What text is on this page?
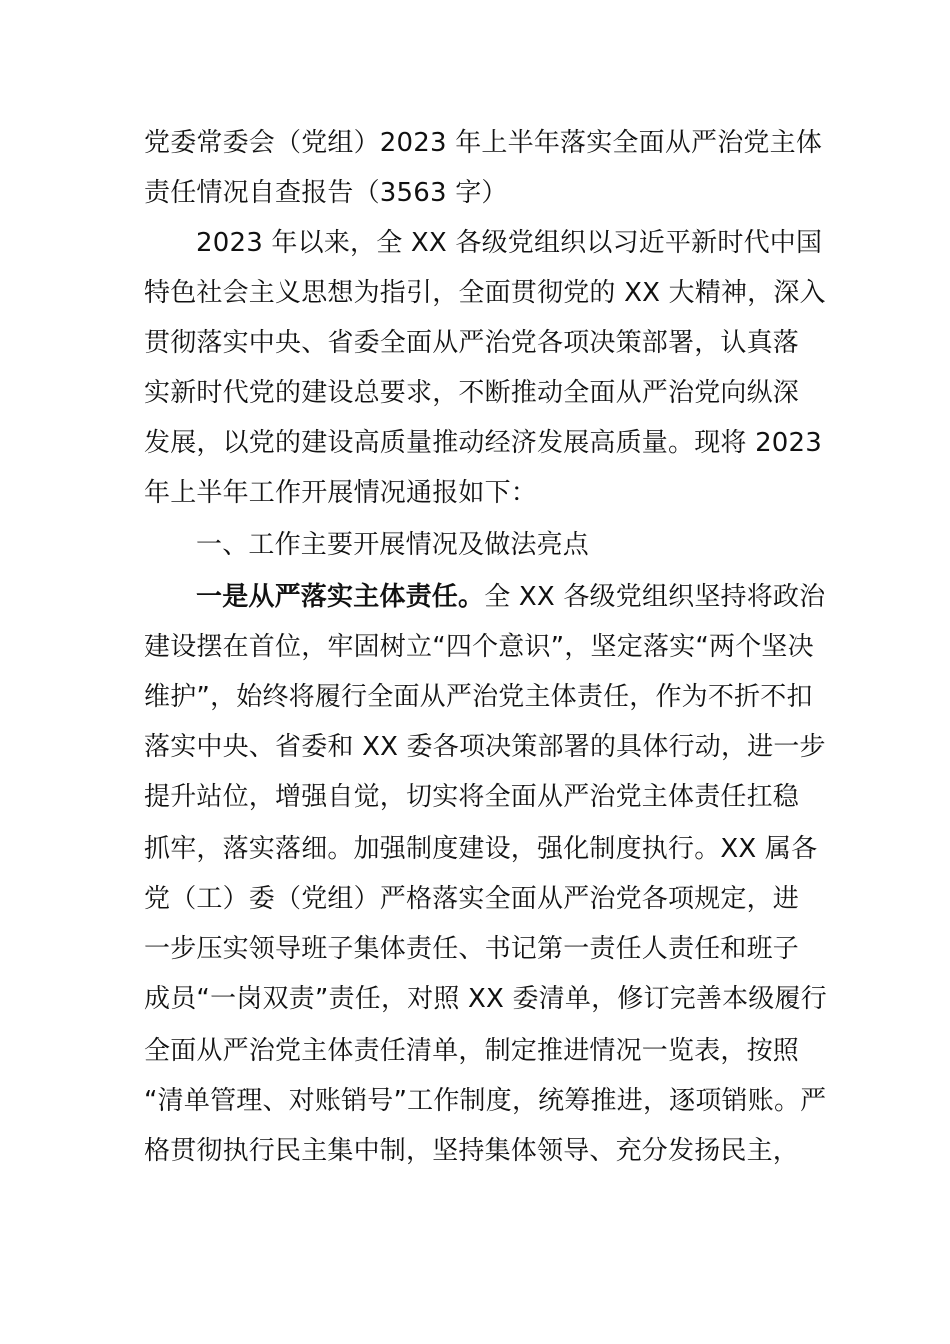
党委常委会（党组）2023 年上半年落实全面从严治党主体
责任情况自查报告（3563 字）
2023 年以来，全 XX 各级党组织以习近平新时代中国
特色社会主义思想为指引，全面贯彻党的 XX 大精神，深入
贯彻落实中央、省委全面从严治党各项决策部署，认真落
实新时代党的建设总要求，不断推动全面从严治党向纵深
发展，以党的建设高质量推动经济发展高质量。现将 2023
年上半年工作开展情况通报如下：
一、工作主要开展情况及做法亮点
一是从严落实主体责任。全 XX 各级党组织坚持将政治
建设摆在首位，牢固树立“四个意识”，坚定落实“两个坚决
维护”，始终将履行全面从严治党主体责任，作为不折不扣
落实中央、省委和 XX 委各项决策部署的具体行动，进一步
提升站位，增强自觉，切实将全面从严治党主体责任扛稳
抓牢，落实落细。加强制度建设，强化制度执行。XX 属各
党（工）委（党组）严格落实全面从严治党各项规定，进
一步压实领导班子集体责任、书记第一责任人责任和班子
成员“一岗双责”责任，对照 XX 委清单，修订完善本级履行
全面从严治党主体责任清单，制定推进情况一览表，按照
“清单管理、对账销号”工作制度，统筹推进，逐项销账。严
格贯彻执行民主集中制，坚持集体领导、充分发扬民主，
